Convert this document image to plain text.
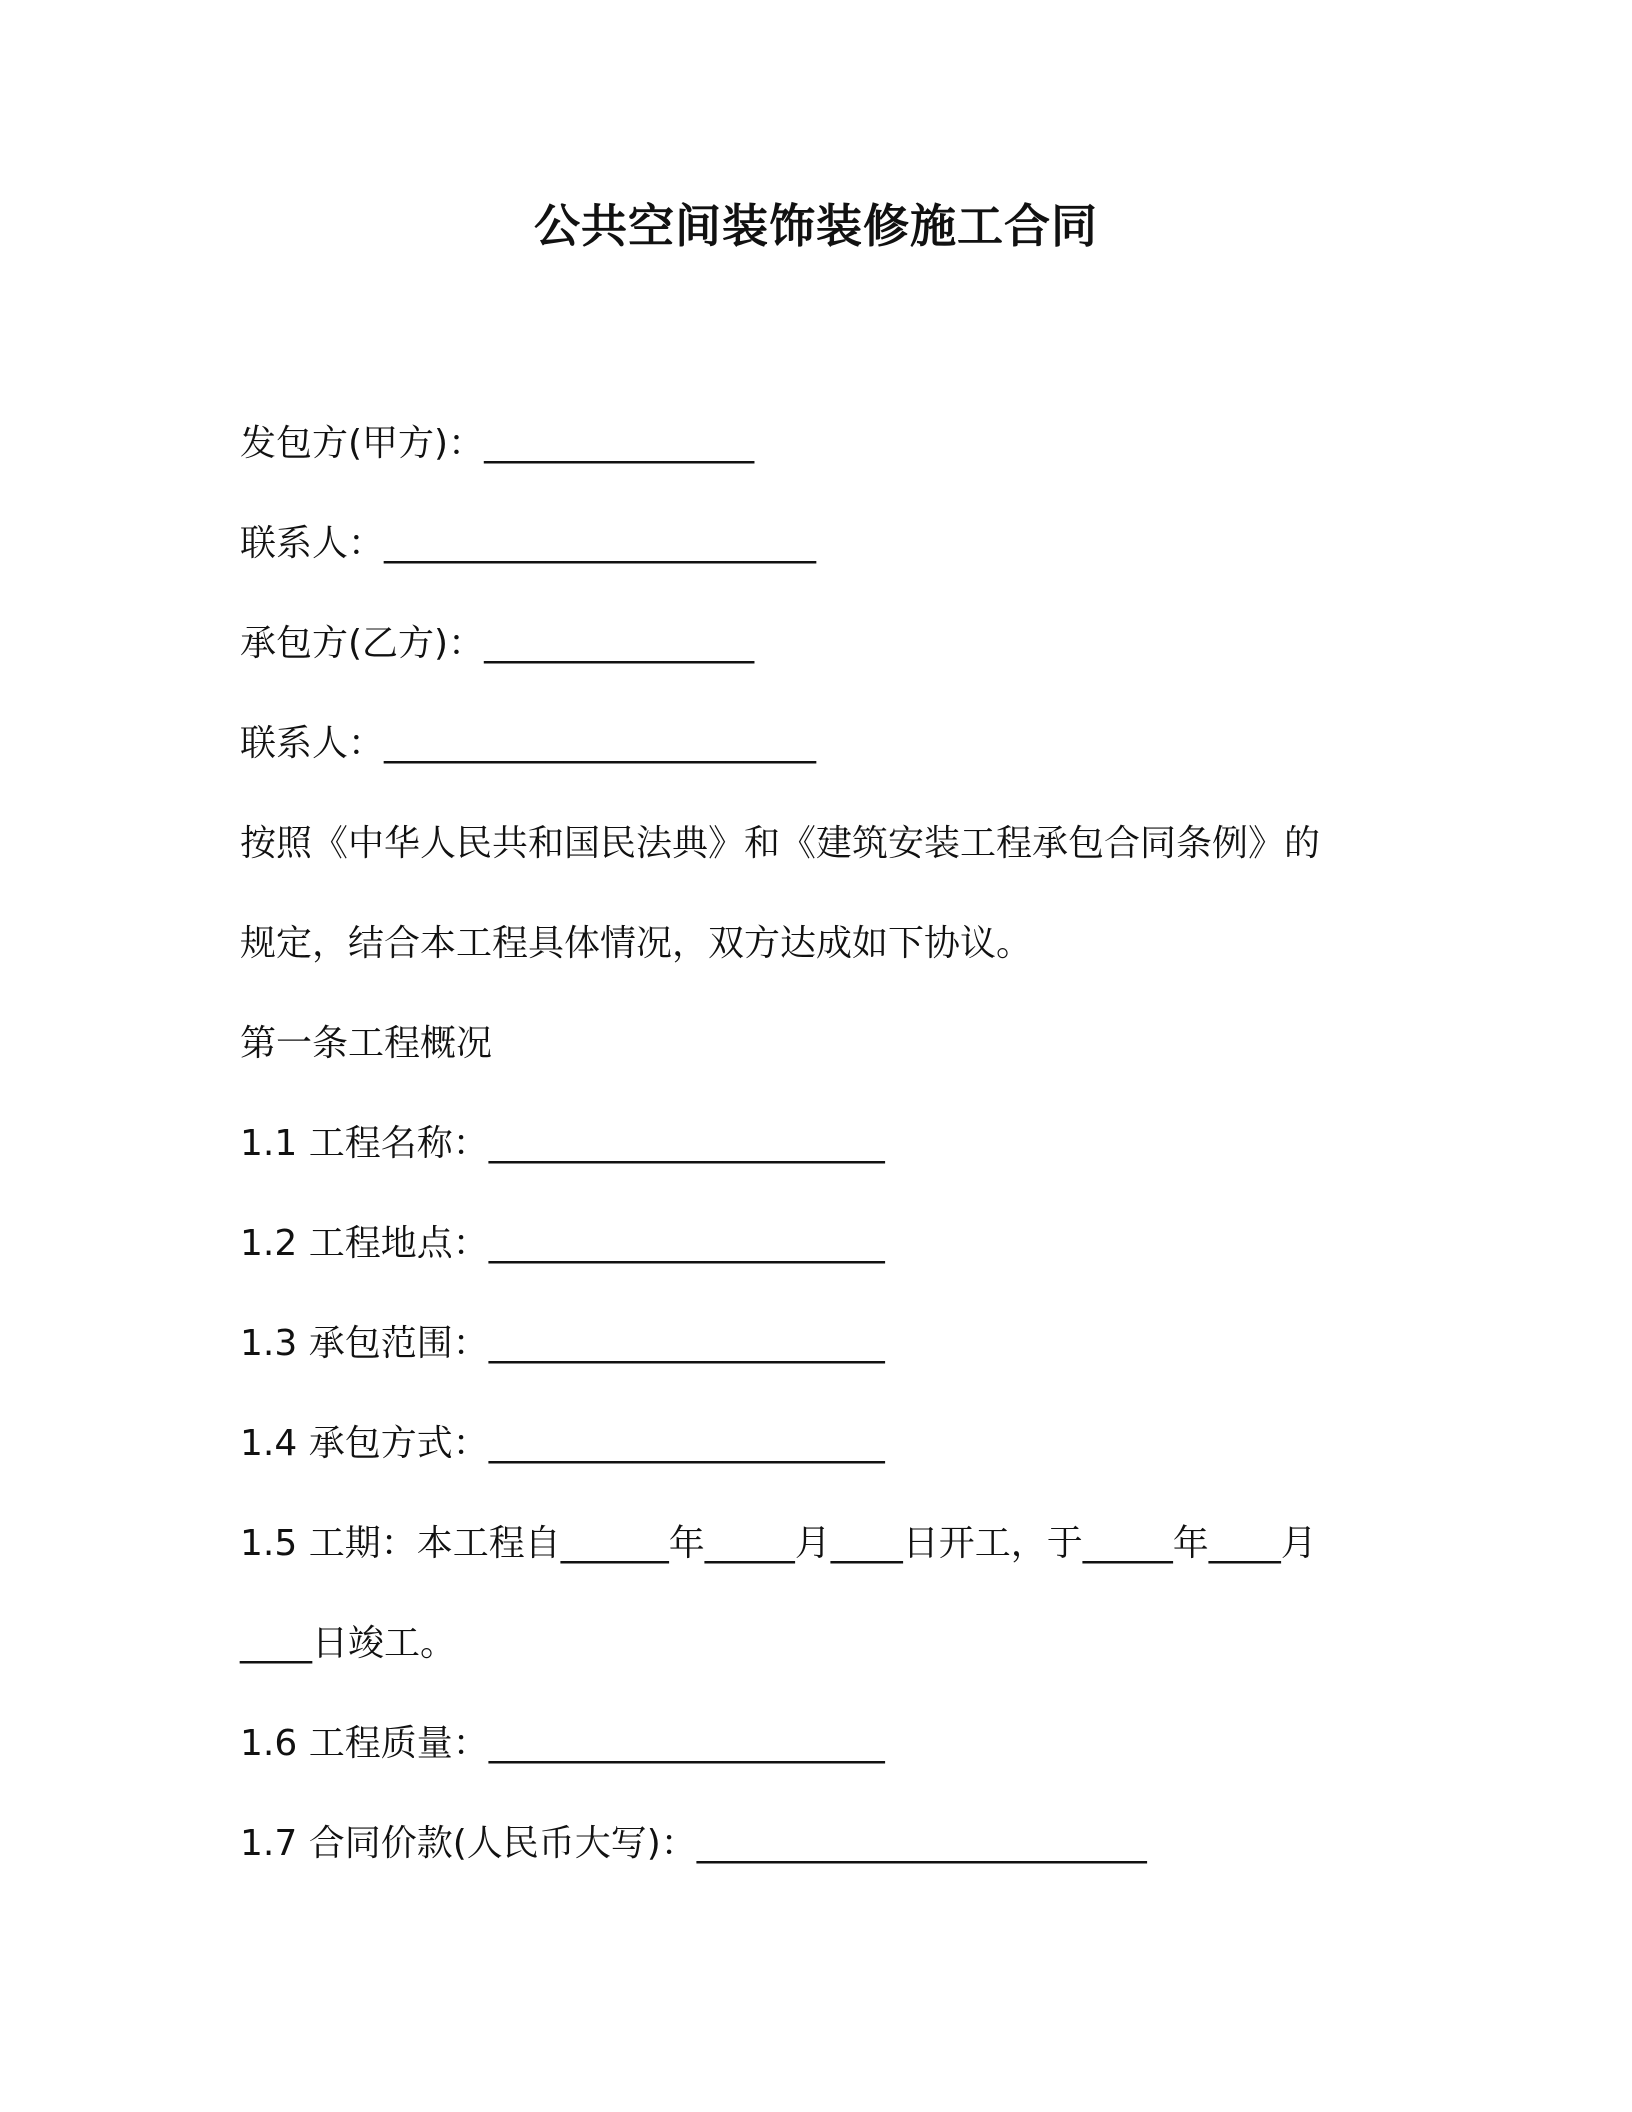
公共空间装饰装修施工合同
发包方(甲方)：_______________
联系人：________________________
承包方(乙方)：_______________
联系人：________________________
按照《中华人民共和国民法典》和《建筑安装工程承包合同条例》的
规定，结合本工程具体情况，双方达成如下协议。
第一条工程概况
1.1 工程名称：______________________
1.2 工程地点：______________________
1.3 承包范围：______________________
1.4 承包方式：______________________
1.5 工期：本工程自______年_____月____日开工，于_____年____月
____日竣工。
1.6 工程质量：______________________
1.7 合同价款(人民币大写)：_________________________
